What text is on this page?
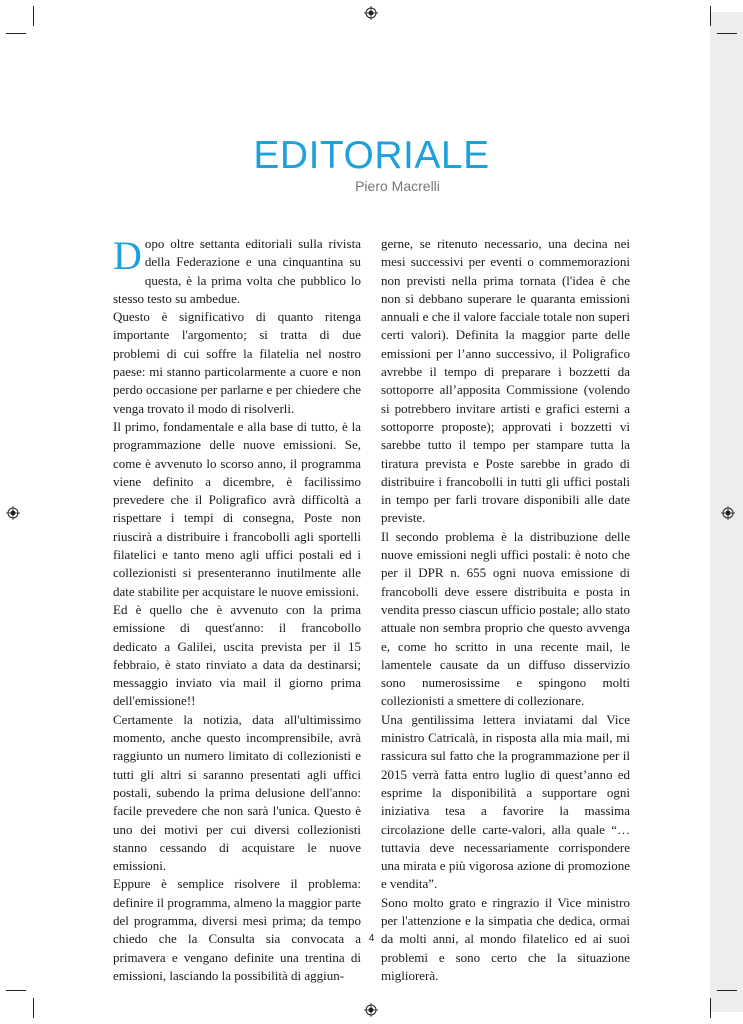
EDITORIALE
Piero Macrelli

Dopo oltre settanta editoriali sulla rivista della Federazione e una cinquantina su questa, è la prima volta che pubblico lo stesso testo su ambedue.

Questo è significativo di quanto ritenga importante l'argomento; si tratta di due problemi di cui soffre la filatelia nel nostro paese: mi stanno particolarmente a cuore e non perdo occasione per parlarne e per chiedere che venga trovato il modo di risolverli.

Il primo, fondamentale e alla base di tutto, è la programmazione delle nuove emissioni. Se, come è avvenuto lo scorso anno, il programma viene definito a dicembre, è facilissimo prevedere che il Poligrafico avrà difficoltà a rispettare i tempi di consegna, Poste non riuscirà a distribuire i francobolli agli sportelli filatelici e tanto meno agli uffici postali ed i collezionisti si presenteranno inutilmente alle date stabilite per acquistare le nuove emissioni.

Ed è quello che è avvenuto con la prima emissione di quest'anno: il francobollo dedicato a Galilei, uscita prevista per il 15 febbraio, è stato rinviato a data da destinarsi; messaggio inviato via mail il giorno prima dell'emissione!!

Certamente la notizia, data all'ultimissimo momento, anche questo incomprensibile, avrà raggiunto un numero limitato di collezionisti e tutti gli altri si saranno presentati agli uffici postali, subendo la prima delusione dell'anno: facile prevedere che non sarà l'unica. Questo è uno dei motivi per cui diversi collezionisti stanno cessando di acquistare le nuove emissioni.

Eppure è semplice risolvere il problema: definire il programma, almeno la maggior parte del programma, diversi mesi prima; da tempo chiedo che la Consulta sia convocata a primavera e vengano definite una trentina di emissioni, lasciando la possibilità di aggiun-

gerne, se ritenuto necessario, una decina nei mesi successivi per eventi o commemorazioni non previsti nella prima tornata (l'idea è che non si debbano superare le quaranta emissioni annuali e che il valore facciale totale non superi certi valori). Definita la maggior parte delle emissioni per l’anno successivo, il Poligrafico avrebbe il tempo di preparare i bozzetti da sottoporre all’apposita Commissione (volendo si potrebbero invitare artisti e grafici esterni a sottoporre proposte); approvati i bozzetti vi sarebbe tutto il tempo per stampare tutta la tiratura prevista e Poste sarebbe in grado di distribuire i francobolli in tutti gli uffici postali in tempo per farli trovare disponibili alle date previste.

Il secondo problema è la distribuzione delle nuove emissioni negli uffici postali: è noto che per il DPR n. 655 ogni nuova emissione di francobolli deve essere distribuita e posta in vendita presso ciascun ufficio postale; allo stato attuale non sembra proprio che questo avvenga e, come ho scritto in una recente mail, le lamentele causate da un diffuso disservizio sono numerosissime e spingono molti collezionisti a smettere di collezionare.

Una gentilissima lettera inviatami dal Vice ministro Catricalà, in risposta alla mia mail, mi rassicura sul fatto che la programmazione per il 2015 verrà fatta entro luglio di quest’anno ed esprime la disponibilità a supportare ogni iniziativa tesa a favorire la massima circolazione delle carte-valori, alla quale “… tuttavia deve necessariamente corrispondere una mirata e più vigorosa azione di promozione e vendita”.

Sono molto grato e ringrazio il Vice ministro per l'attenzione e la simpatia che dedica, ormai da molti anni, al mondo filatelico ed ai suoi problemi e sono certo che la situazione migliorerà.

4
